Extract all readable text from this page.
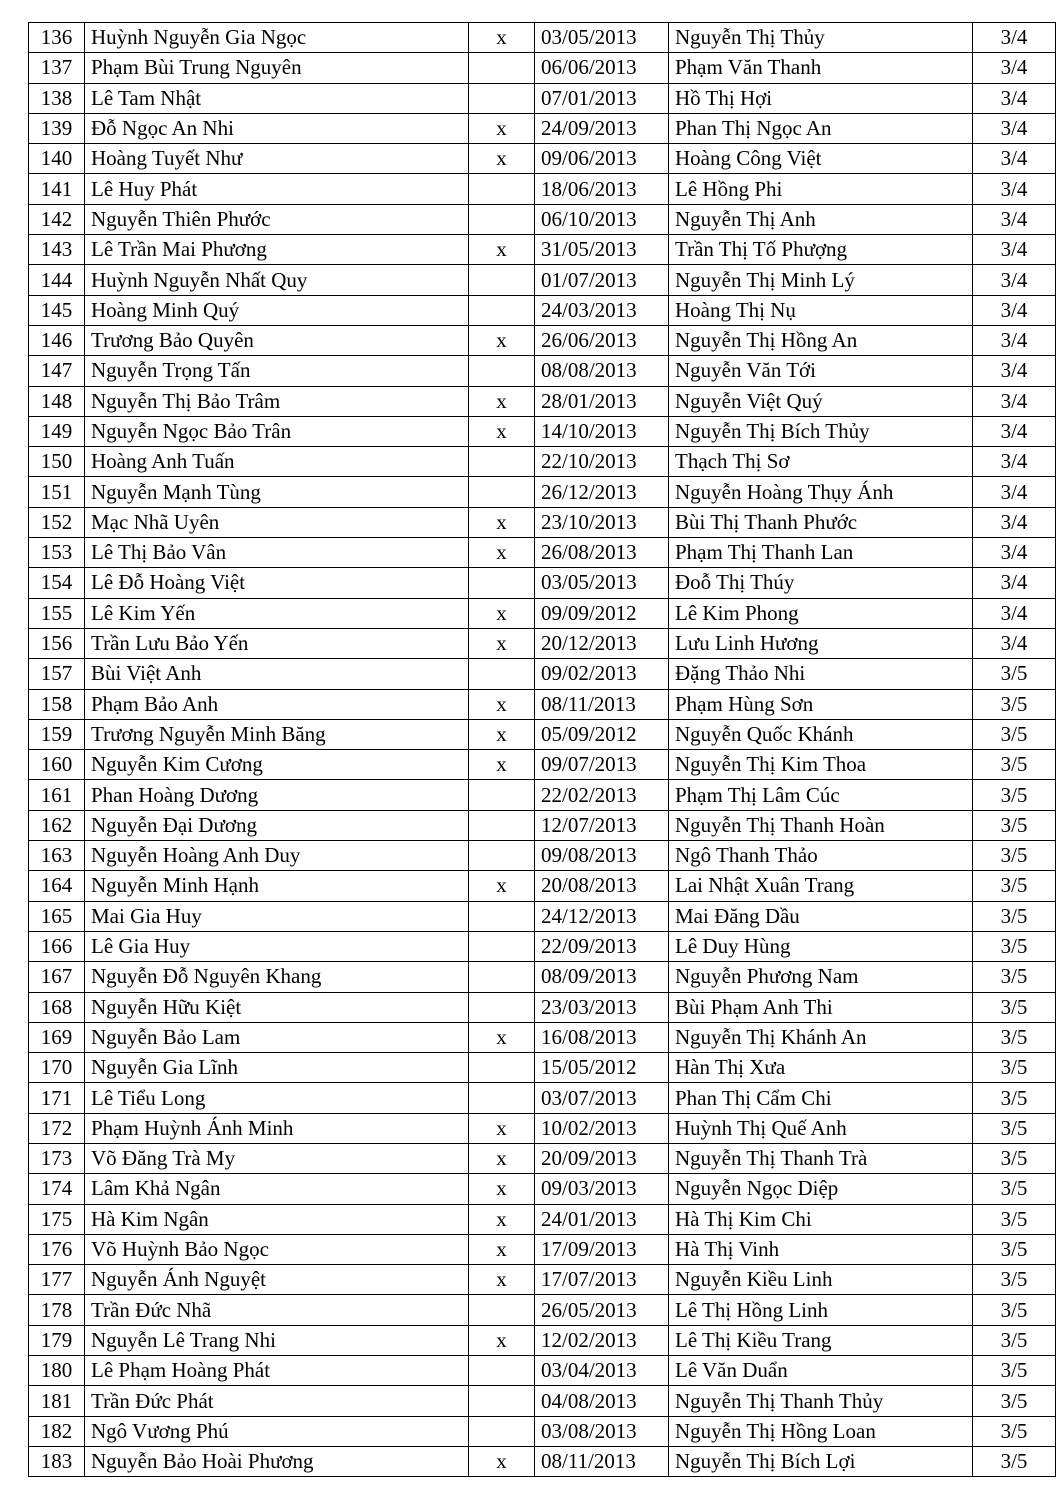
136	Huỳnh Nguyễn Gia Ngọc	x	03/05/2013	Nguyễn Thị Thủy	3/4
137	Phạm Bùi Trung Nguyên		06/06/2013	Phạm Văn Thanh	3/4
138	Lê Tam Nhật		07/01/2013	Hồ Thị Hợi	3/4
139	Đỗ Ngọc An Nhi	x	24/09/2013	Phan Thị Ngọc An	3/4
140	Hoàng Tuyết Như	x	09/06/2013	Hoàng Công Việt	3/4
141	Lê Huy Phát		18/06/2013	Lê Hồng Phi	3/4
142	Nguyễn Thiên Phước		06/10/2013	Nguyễn Thị Anh	3/4
143	Lê Trần Mai Phương	x	31/05/2013	Trần Thị Tố Phượng	3/4
144	Huỳnh Nguyễn Nhất Quy		01/07/2013	Nguyễn Thị Minh Lý	3/4
145	Hoàng Minh Quý		24/03/2013	Hoàng Thị Nụ	3/4
146	Trương Bảo Quyên	x	26/06/2013	Nguyễn Thị Hồng An	3/4
147	Nguyễn Trọng Tấn		08/08/2013	Nguyễn Văn Tới	3/4
148	Nguyễn Thị Bảo Trâm	x	28/01/2013	Nguyễn Việt Quý	3/4
149	Nguyễn Ngọc Bảo Trân	x	14/10/2013	Nguyễn Thị Bích Thủy	3/4
150	Hoàng Anh Tuấn		22/10/2013	Thạch Thị Sơ	3/4
151	Nguyễn Mạnh Tùng		26/12/2013	Nguyễn Hoàng Thụy Ánh	3/4
152	Mạc Nhã Uyên	x	23/10/2013	Bùi Thị Thanh Phước	3/4
153	Lê Thị Bảo Vân	x	26/08/2013	Phạm Thị Thanh Lan	3/4
154	Lê Đỗ Hoàng Việt		03/05/2013	Đoỗ Thị Thúy	3/4
155	Lê Kim Yến	x	09/09/2012	Lê Kim Phong	3/4
156	Trần Lưu Bảo Yến	x	20/12/2013	Lưu Linh Hương	3/4
157	Bùi Việt Anh		09/02/2013	Đặng Thảo Nhi	3/5
158	Phạm Bảo Anh	x	08/11/2013	Phạm Hùng Sơn	3/5
159	Trương Nguyễn Minh Băng	x	05/09/2012	Nguyễn Quốc Khánh	3/5
160	Nguyễn Kim Cương	x	09/07/2013	Nguyễn Thị Kim Thoa	3/5
161	Phan Hoàng Dương		22/02/2013	Phạm Thị Lâm Cúc	3/5
162	Nguyễn Đại Dương		12/07/2013	Nguyễn Thị Thanh Hoàn	3/5
163	Nguyễn Hoàng Anh Duy		09/08/2013	Ngô Thanh Thảo	3/5
164	Nguyễn Minh Hạnh	x	20/08/2013	Lai Nhật Xuân Trang	3/5
165	Mai Gia Huy		24/12/2013	Mai Đăng Dầu	3/5
166	Lê Gia Huy		22/09/2013	Lê Duy Hùng	3/5
167	Nguyễn Đỗ Nguyên Khang		08/09/2013	Nguyễn Phương Nam	3/5
168	Nguyễn Hữu Kiệt		23/03/2013	Bùi Phạm Anh Thi	3/5
169	Nguyễn Bảo Lam	x	16/08/2013	Nguyễn Thị Khánh An	3/5
170	Nguyễn Gia Lĩnh		15/05/2012	Hàn Thị Xưa	3/5
171	Lê Tiểu Long		03/07/2013	Phan Thị Cẩm Chi	3/5
172	Phạm Huỳnh Ánh Minh	x	10/02/2013	Huỳnh Thị Quế Anh	3/5
173	Võ Đăng Trà My	x	20/09/2013	Nguyễn Thị Thanh Trà	3/5
174	Lâm Khả Ngân	x	09/03/2013	Nguyễn Ngọc Diệp	3/5
175	Hà Kim Ngân	x	24/01/2013	Hà Thị Kim Chi	3/5
176	Võ Huỳnh Bảo Ngọc	x	17/09/2013	Hà Thị Vinh	3/5
177	Nguyễn Ánh Nguyệt	x	17/07/2013	Nguyễn Kiều Linh	3/5
178	Trần Đức Nhã		26/05/2013	Lê Thị Hồng Linh	3/5
179	Nguyễn Lê Trang Nhi	x	12/02/2013	Lê Thị Kiều Trang	3/5
180	Lê Phạm Hoàng Phát		03/04/2013	Lê Văn Duẩn	3/5
181	Trần Đức Phát		04/08/2013	Nguyễn Thị Thanh Thủy	3/5
182	Ngô Vương Phú		03/08/2013	Nguyễn Thị Hồng Loan	3/5
183	Nguyễn Bảo Hoài Phương	x	08/11/2013	Nguyễn Thị Bích Lợi	3/5
